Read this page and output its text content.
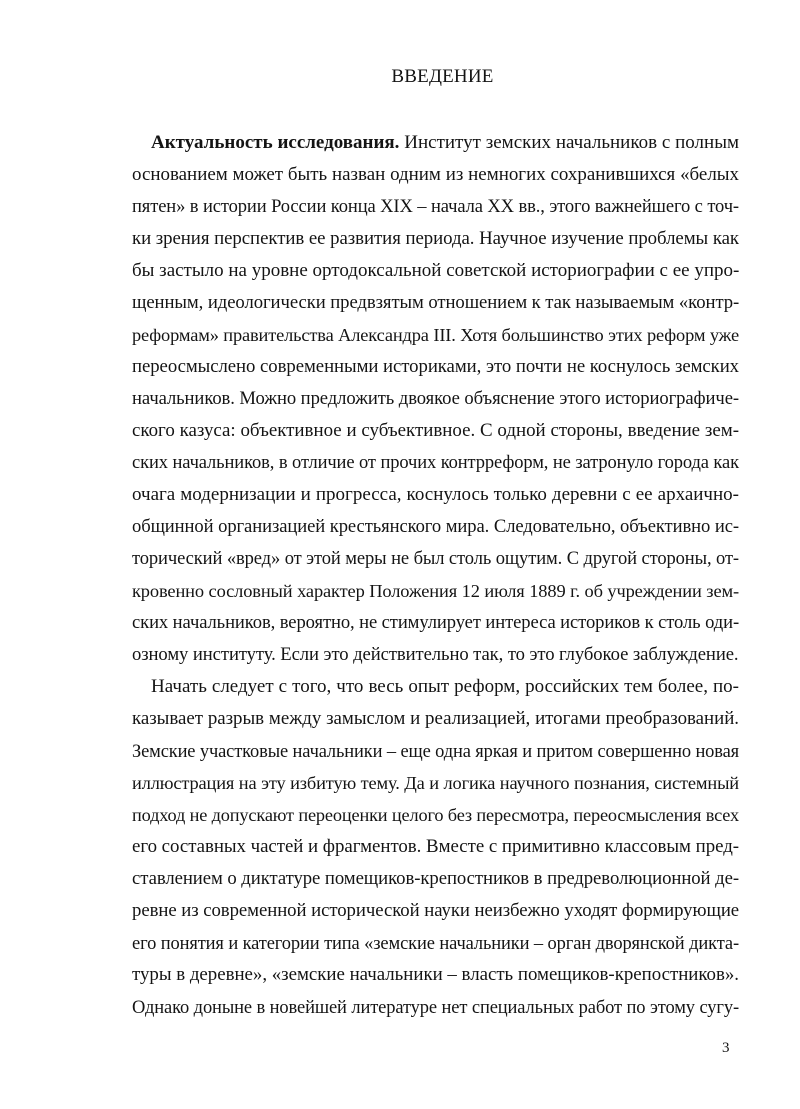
ВВЕДЕНИЕ
Актуальность исследования. Институт земских начальников с полным
основанием может быть назван одним из немногих сохранившихся «белых
пятен» в истории России конца XIX – начала XX вв., этого важнейшего с точ-
ки зрения перспектив ее развития периода. Научное изучение проблемы как
бы застыло на уровне ортодоксальной советской историографии с ее упро-
щенным, идеологически предвзятым отношением к так называемым «контр-
реформам» правительства Александра III. Хотя большинство этих реформ уже
переосмыслено современными историками, это почти не коснулось земских
начальников. Можно предложить двоякое объяснение этого историографиче-
ского казуса: объективное и субъективное. С одной стороны, введение зем-
ских начальников, в отличие от прочих контрреформ, не затронуло города как
очага модернизации и прогресса, коснулось только деревни с ее архаично-
общинной организацией крестьянского мира. Следовательно, объективно ис-
торический «вред» от этой меры не был столь ощутим. С другой стороны, от-
кровенно сословный характер Положения 12 июля 1889 г. об учреждении зем-
ских начальников, вероятно, не стимулирует интереса историков к столь оди-
озному институту. Если это действительно так, то это глубокое заблуждение.
Начать следует с того, что весь опыт реформ, российских тем более, по-
казывает разрыв между замыслом и реализацией, итогами преобразований.
Земские участковые начальники – еще одна яркая и притом совершенно новая
иллюстрация на эту избитую тему. Да и логика научного познания, системный
подход не допускают переоценки целого без пересмотра, переосмысления всех
его составных частей и фрагментов. Вместе с примитивно классовым пред-
ставлением о диктатуре помещиков-крепостников в предреволюционной де-
ревне из современной исторической науки неизбежно уходят формирующие
его понятия и категории типа «земские начальники – орган дворянской дикта-
туры в деревне», «земские начальники – власть помещиков-крепостников».
Однако доныне в новейшей литературе нет специальных работ по этому сугу-
3
